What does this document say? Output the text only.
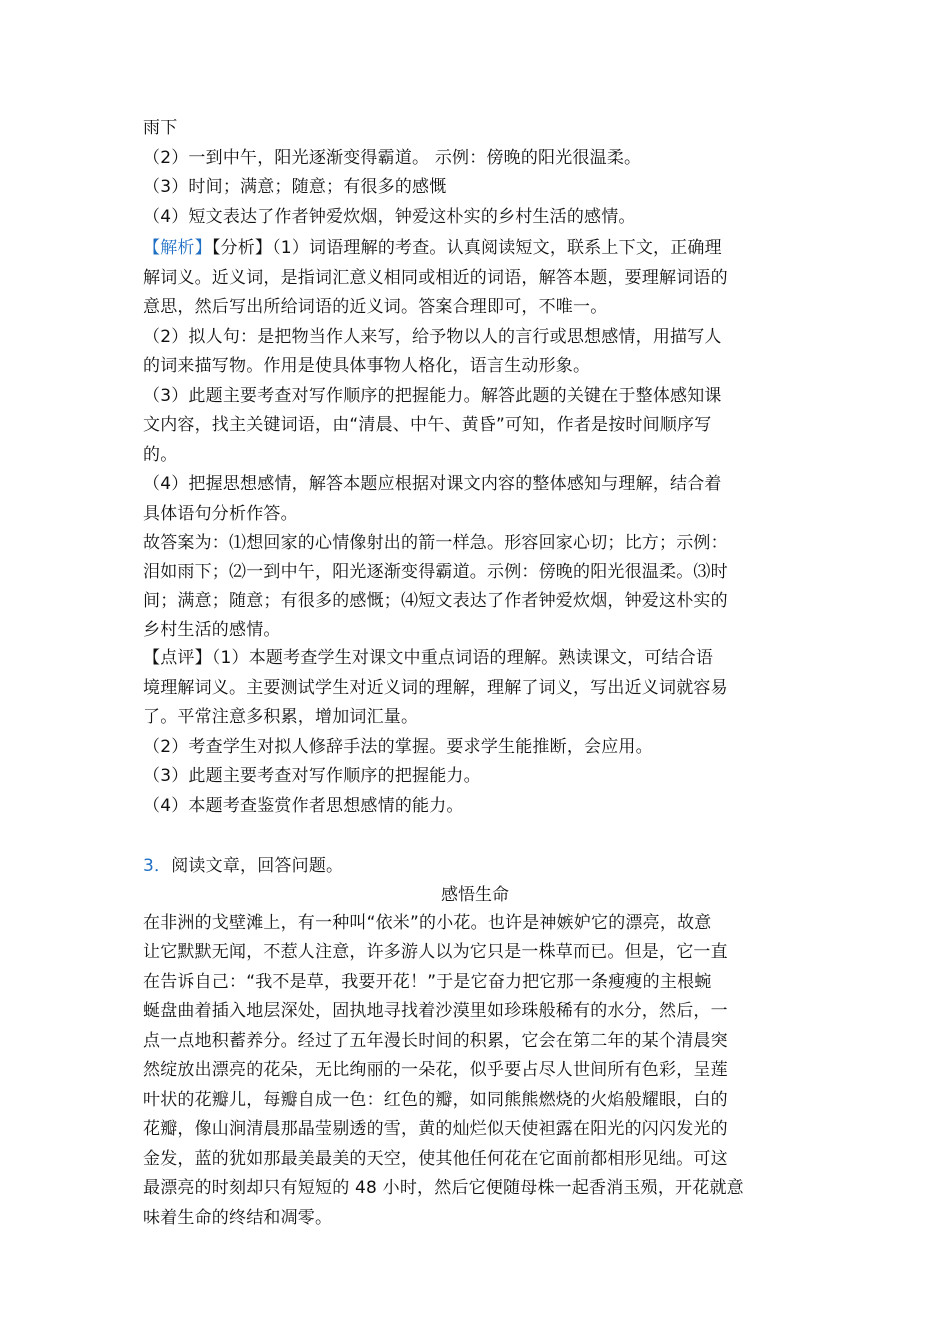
雨下
（2）一到中午，阳光逐渐变得霸道。 示例：傍晚的阳光很温柔。
（3）时间；满意；随意；有很多的感慨
（4）短文表达了作者钟爱炊烟，钟爱这朴实的乡村生活的感情。
【解析】【分析】（1）词语理解的考查。认真阅读短文，联系上下文，正确理
解词义。近义词，是指词汇意义相同或相近的词语，解答本题，要理解词语的
意思，然后写出所给词语的近义词。答案合理即可，不唯一。
（2）拟人句：是把物当作人来写，给予物以人的言行或思想感情，用描写人
的词来描写物。作用是使具体事物人格化，语言生动形象。
（3）此题主要考查对写作顺序的把握能力。解答此题的关键在于整体感知课
文内容，找主关键词语，由“清晨、中午、黄昏”可知，作者是按时间顺序写
的。
（4）把握思想感情，解答本题应根据对课文内容的整体感知与理解，结合着
具体语句分析作答。
故答案为：⑴想回家的心情像射出的箭一样急。形容回家心切；比方；示例：
泪如雨下；⑵一到中午，阳光逐渐变得霸道。示例：傍晚的阳光很温柔。⑶时
间；满意；随意；有很多的感慨；⑷短文表达了作者钟爱炊烟，钟爱这朴实的
乡村生活的感情。
【点评】（1）本题考查学生对课文中重点词语的理解。熟读课文，可结合语
境理解词义。主要测试学生对近义词的理解，理解了词义，写出近义词就容易
了。平常注意多积累，增加词汇量。
（2）考查学生对拟人修辞手法的掌握。要求学生能推断，会应用。
（3）此题主要考查对写作顺序的把握能力。
（4）本题考查鉴赏作者思想感情的能力。
3．阅读文章，回答问题。
感悟生命
在非洲的戈壁滩上，有一种叫“依米”的小花。也许是神嫉妒它的漂亮，故意
让它默默无闻，不惹人注意，许多游人以为它只是一株草而已。但是，它一直
在告诉自己：“我不是草，我要开花！”于是它奋力把它那一条瘦瘦的主根蜿
蜒盘曲着插入地层深处，固执地寻找着沙漠里如珍珠般稀有的水分，然后，一
点一点地积蓄养分。经过了五年漫长时间的积累，它会在第二年的某个清晨突
然绽放出漂亮的花朵，无比绚丽的一朵花，似乎要占尽人世间所有色彩，呈莲
叶状的花瓣儿，每瓣自成一色：红色的瓣，如同熊熊燃烧的火焰般耀眼，白的
花瓣，像山涧清晨那晶莹剔透的雪，黄的灿烂似天使袒露在阳光的闪闪发光的
金发，蓝的犹如那最美最美的天空，使其他任何花在它面前都相形见绌。可这
最漂亮的时刻却只有短短的 48 小时，然后它便随母株一起香消玉殒，开花就意
味着生命的终结和凋零。
